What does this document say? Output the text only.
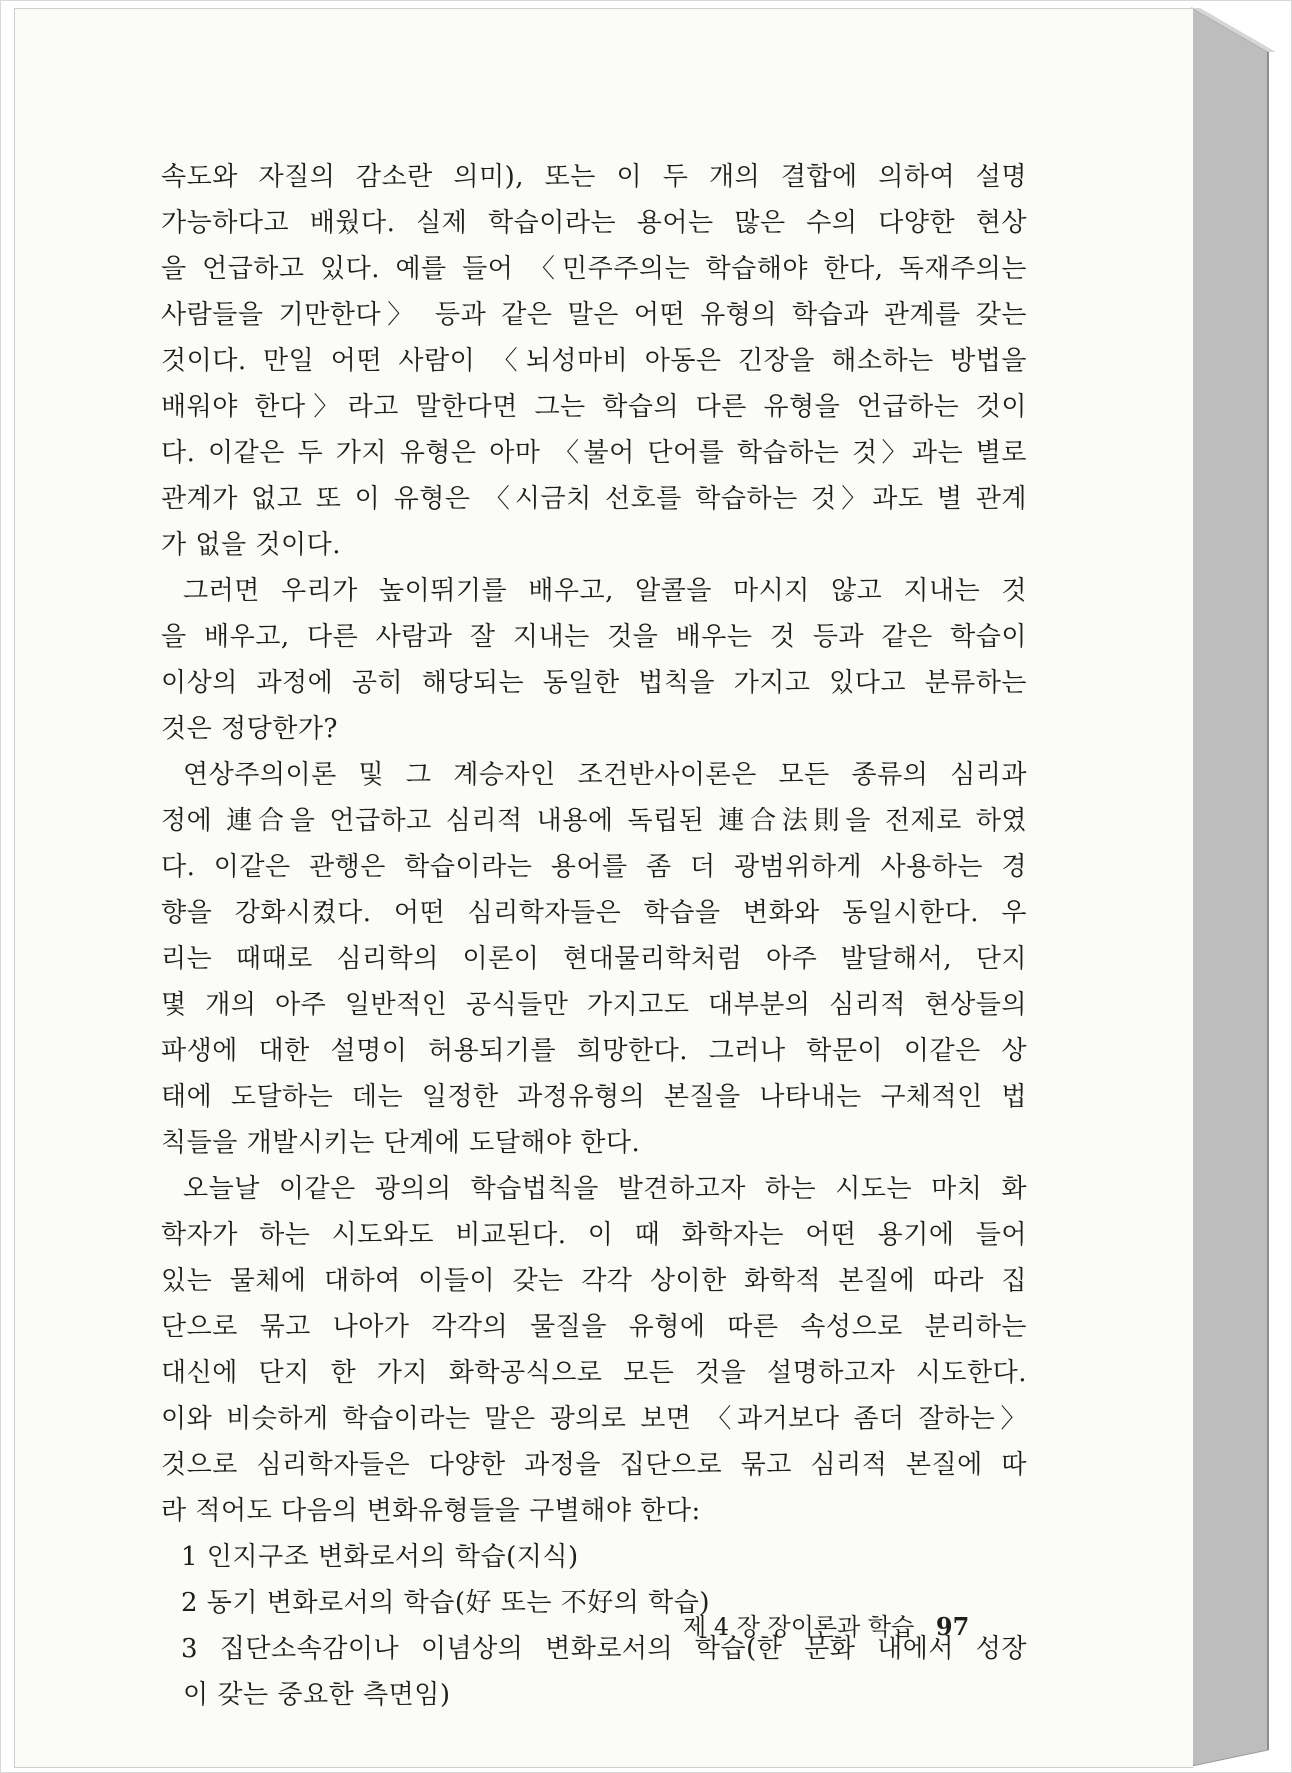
속도와 자질의 감소란 의미), 또는 이 두 개의 결합에 의하여 설명
가능하다고 배웠다. 실제 학습이라는 용어는 많은 수의 다양한 현상
을 언급하고 있다. 예를 들어 〈민주주의는 학습해야 한다, 독재주의는
사람들을 기만한다〉 등과 같은 말은 어떤 유형의 학습과 관계를 갖는
것이다. 만일 어떤 사람이 〈뇌성마비 아동은 긴장을 해소하는 방법을
배워야 한다〉라고 말한다면 그는 학습의 다른 유형을 언급하는 것이
다. 이같은 두 가지 유형은 아마 〈불어 단어를 학습하는 것〉과는 별로
관계가 없고 또 이 유형은 〈시금치 선호를 학습하는 것〉과도 별 관계
가 없을 것이다.
그러면 우리가 높이뛰기를 배우고, 알콜을 마시지 않고 지내는 것
을 배우고, 다른 사람과 잘 지내는 것을 배우는 것 등과 같은 학습이
이상의 과정에 공히 해당되는 동일한 법칙을 가지고 있다고 분류하는
것은 정당한가?
연상주의이론 및 그 계승자인 조건반사이론은 모든 종류의 심리과
정에 連合을 언급하고 심리적 내용에 독립된 連合法則을 전제로 하였
다. 이같은 관행은 학습이라는 용어를 좀 더 광범위하게 사용하는 경
향을 강화시켰다. 어떤 심리학자들은 학습을 변화와 동일시한다. 우
리는 때때로 심리학의 이론이 현대물리학처럼 아주 발달해서, 단지
몇 개의 아주 일반적인 공식들만 가지고도 대부분의 심리적 현상들의
파생에 대한 설명이 허용되기를 희망한다. 그러나 학문이 이같은 상
태에 도달하는 데는 일정한 과정유형의 본질을 나타내는 구체적인 법
칙들을 개발시키는 단계에 도달해야 한다.
오늘날 이같은 광의의 학습법칙을 발견하고자 하는 시도는 마치 화
학자가 하는 시도와도 비교된다. 이 때 화학자는 어떤 용기에 들어
있는 물체에 대하여 이들이 갖는 각각 상이한 화학적 본질에 따라 집
단으로 묶고 나아가 각각의 물질을 유형에 따른 속성으로 분리하는
대신에 단지 한 가지 화학공식으로 모든 것을 설명하고자 시도한다.
이와 비슷하게 학습이라는 말은 광의로 보면 〈과거보다 좀더 잘하는〉
것으로 심리학자들은 다양한 과정을 집단으로 묶고 심리적 본질에 따
라 적어도 다음의 변화유형들을 구별해야 한다:
1 인지구조 변화로서의 학습(지식)
2 동기 변화로서의 학습(好 또는 不好의 학습)
3 집단소속감이나 이념상의 변화로서의 학습(한 문화 내에서 성장
이 갖는 중요한 측면임)
제 4 장 장이론과 학습 97
